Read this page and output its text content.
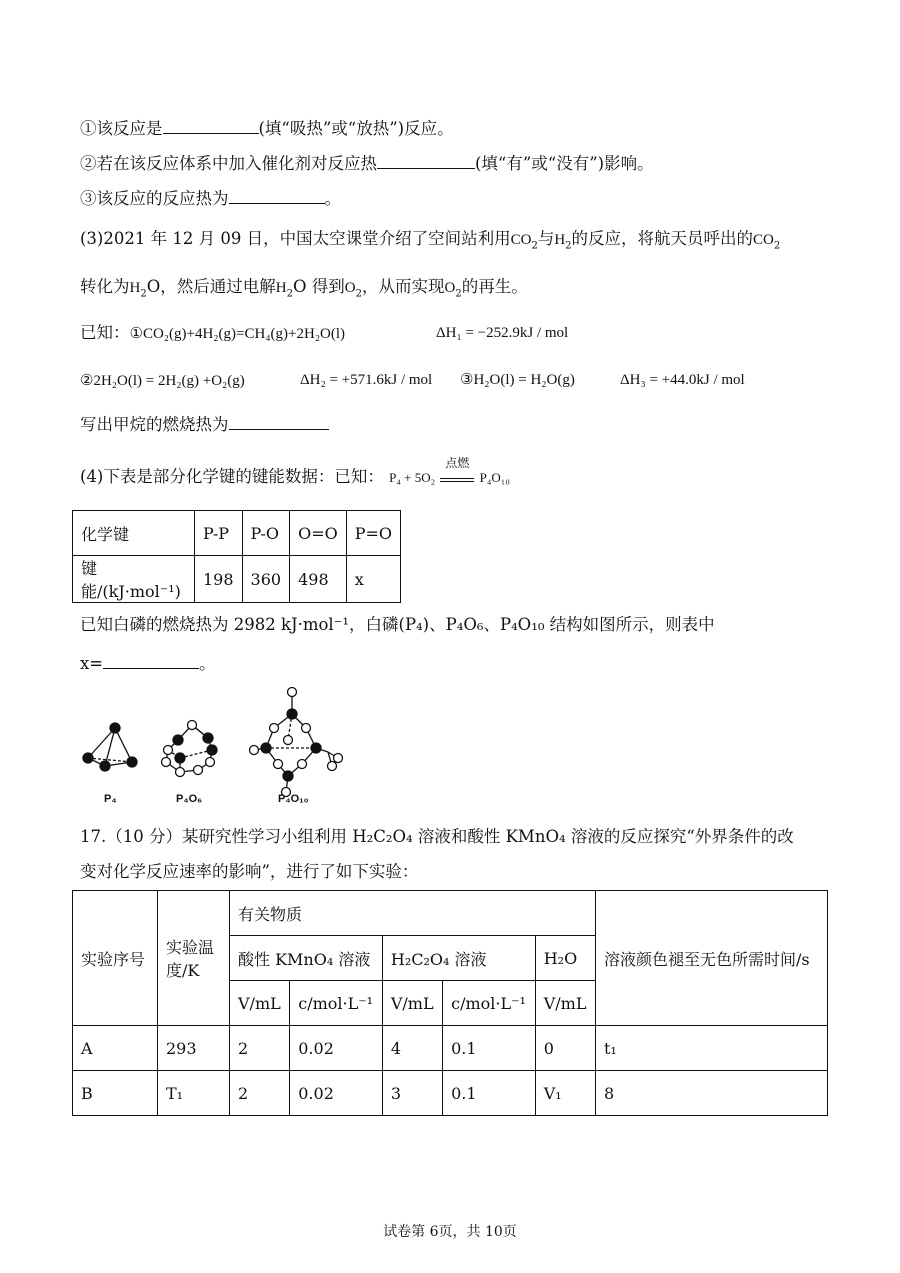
①该反应是	(填“吸热”或“放热”)反应。
②若在该反应体系中加入催化剂对反应热	(填“有”或“没有”)影响。
③该反应的反应热为	。
(3)2021 年 12 月 09 日，中国太空课堂介绍了空间站利用$CO_2$与$H_2$的反应，将航天员呼出的$CO_2$
转化为$H_2O$，然后通过电解$H_2O$ 得到$O_2$，从而实现$O_2$的再生。
已知：①CO₂(g)+4H₂(g)=CH₄(g)+2H₂O(l)	ΔH₁ = −252.9kJ / mol
②2H₂O(l) = 2H₂(g) +O₂(g)	ΔH₂ = +571.6kJ / mol ③H₂O(l) = H₂O(g)	ΔH₃ = +44.0kJ / mol
写出甲烷的燃烧热为
(4)下表是部分化学键的键能数据：已知： P₄ + 5O₂
点燃
P₄O₁₀
化学键	P-P	P-O	O=O	P=O
键能/(kJ·mol⁻¹)	198	360	498	x
已知白磷的燃烧热为 2982 kJ·mol⁻¹，白磷(P₄)、P₄O₆、P₄O₁₀ 结构如图所示，则表中
x=	。
P₄	P₄O₆	P₄O₁₀
17.（10 分）某研究性学习小组利用 H₂C₂O₄ 溶液和酸性 KMnO₄ 溶液的反应探究“外界条件的改
变对化学反应速率的影响”，进行了如下实验：
实验序号	实验温度/K	有关物质					溶液颜色褪至无色所需时间/s
		酸性 KMnO₄ 溶液		H₂C₂O₄ 溶液		H₂O	
		V/mL	c/mol·L⁻¹	V/mL	c/mol·L⁻¹	V/mL	
A	293	2	0.02	4	0.1	0	t₁
B	T₁	2	0.02	3	0.1	V₁	8
试卷第 6页，共 10页
